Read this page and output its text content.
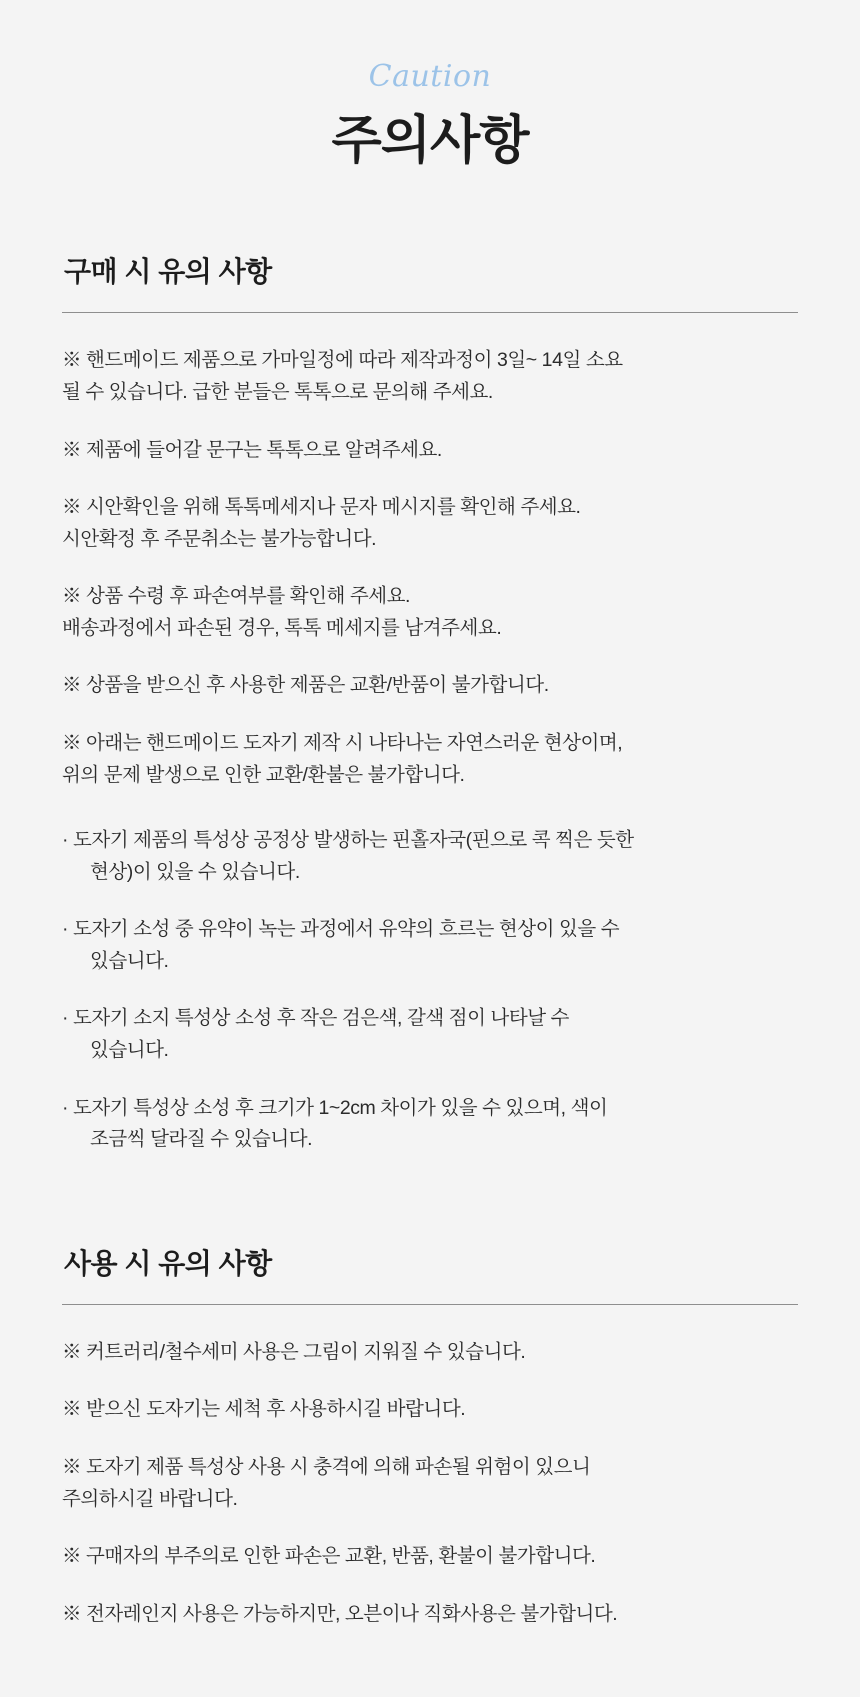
Caution

주의사항
구매 시 유의 사항

※ 핸드메이드 제품으로 가마일정에 따라 제작과정이 3일~ 14일 소요
될 수 있습니다. 급한 분들은 톡톡으로 문의해 주세요.

※ 제품에 들어갈 문구는 톡톡으로 알려주세요.

※ 시안확인을 위해 톡톡메세지나 문자 메시지를 확인해 주세요.
시안확정 후 주문취소는 불가능합니다.

※ 상품 수령 후 파손여부를 확인해 주세요.
배송과정에서 파손된 경우, 톡톡 메세지를 남겨주세요.

※ 상품을 받으신 후 사용한 제품은 교환/반품이 불가합니다.

※ 아래는 핸드메이드 도자기 제작 시 나타나는 자연스러운 현상이며,
위의 문제 발생으로 인한 교환/환불은 불가합니다.

· 도자기 제품의 특성상 공정상 발생하는 핀홀자국(핀으로 콕 찍은 듯한
현상)이 있을 수 있습니다.

· 도자기 소성 중 유약이 녹는 과정에서 유약의 흐르는 현상이 있을 수
있습니다.

· 도자기 소지 특성상 소성 후 작은 검은색, 갈색 점이 나타날 수
있습니다.

· 도자기 특성상 소성 후 크기가 1~2cm 차이가 있을 수 있으며, 색이
조금씩 달라질 수 있습니다.

사용 시 유의 사항

※ 커트러리/철수세미 사용은 그림이 지워질 수 있습니다.

※ 받으신 도자기는 세척 후 사용하시길 바랍니다.

※ 도자기 제품 특성상 사용 시 충격에 의해 파손될 위험이 있으니
주의하시길 바랍니다.

※ 구매자의 부주의로 인한 파손은 교환, 반품, 환불이 불가합니다.

※ 전자레인지 사용은 가능하지만, 오븐이나 직화사용은 불가합니다.
